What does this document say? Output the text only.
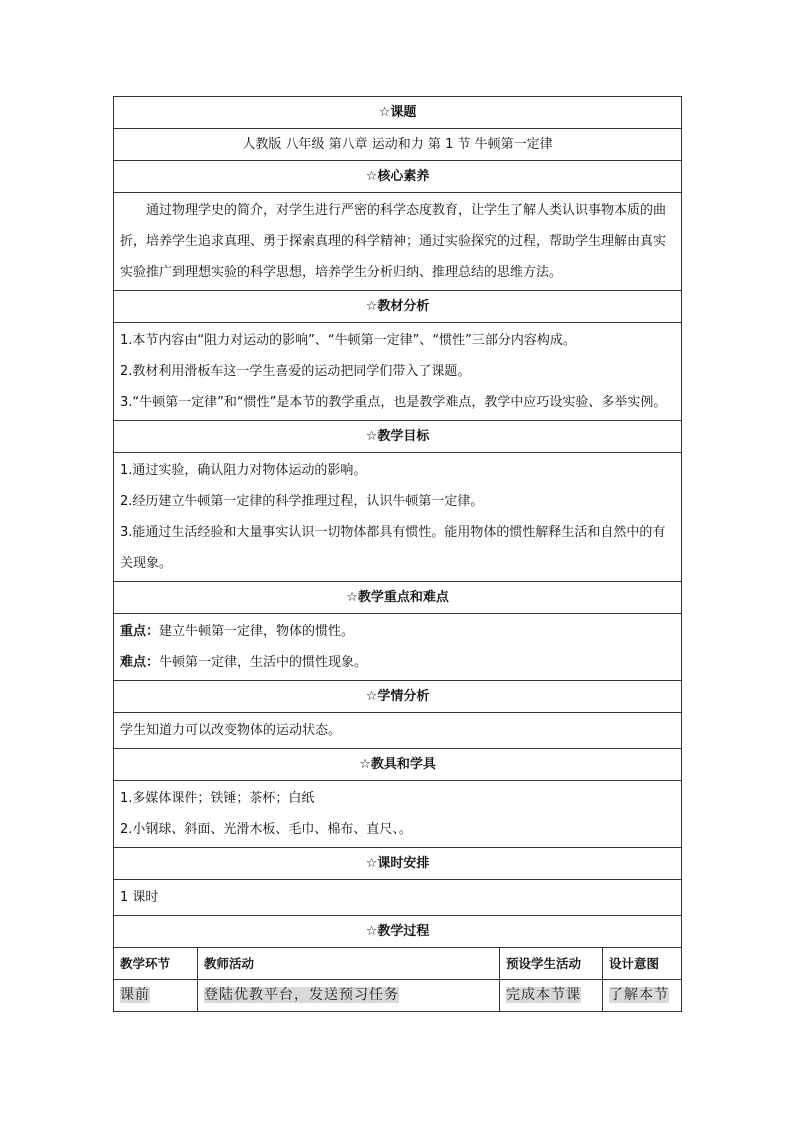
☆课题			
人教版 八年级 第八章 运动和力 第 1 节 牛顿第一定律			
☆核心素养			

通过物理学史的简介，对学生进行严密的科学态度教育，让学生了解人类认识事物本质的曲折，培养学生追求真理、勇于探索真理的科学精神；通过实验探究的过程，帮助学生理解由真实实验推广到理想实验的科学思想，培养学生分析归纳、推理总结的思维方法。			

☆教材分析			

1.本节内容由“阻力对运动的影响”、“牛顿第一定律”、“惯性”三部分内容构成。

2.教材利用滑板车这一学生喜爱的运动把同学们带入了课题。

3.“牛顿第一定律”和“惯性”是本节的教学重点，也是教学难点，教学中应巧设实验、多举实例。			

☆教学目标			

1.通过实验，确认阻力对物体运动的影响。

2.经历建立牛顿第一定律的科学推理过程，认识牛顿第一定律。

3.能通过生活经验和大量事实认识一切物体都具有惯性。能用物体的惯性解释生活和自然中的有关现象。			

☆教学重点和难点			

重点：建立牛顿第一定律，物体的惯性。

难点：牛顿第一定律，生活中的惯性现象。			

☆学情分析			
学生知道力可以改变物体的运动状态。			
☆教具和学具			

1.多媒体课件；铁锤；茶杯；白纸

2.小钢球、斜面、光滑木板、毛巾、棉布、直尺、。			

☆课时安排			
1 课时			
☆教学过程			
教学环节	教师活动	预设学生活动	设计意图
课前	登陆优教平台，发送预习任务	完成本节课	了解本节
